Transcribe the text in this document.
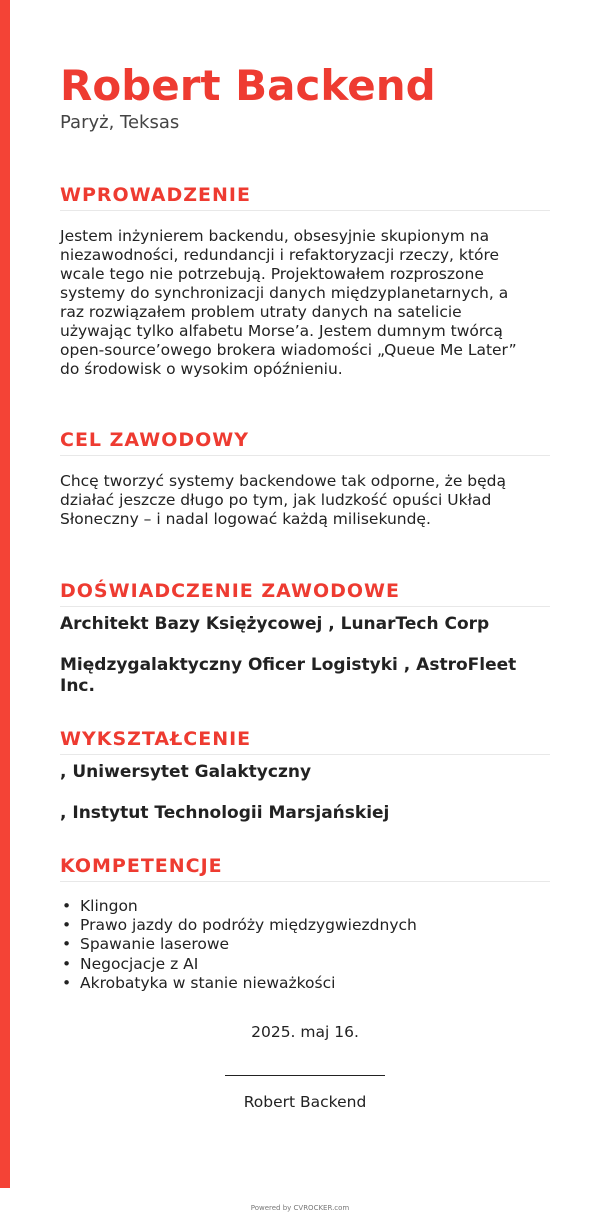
Robert Backend
Paryż, Teksas
WPROWADZENIE
Jestem inżynierem backendu, obsesyjnie skupionym na niezawodności, redundancji i refaktoryzacji rzeczy, które wcale tego nie potrzebują. Projektowałem rozproszone systemy do synchronizacji danych międzyplanetarnych, a raz rozwiązałem problem utraty danych na satelicie używając tylko alfabetu Morse’a. Jestem dumnym twórcą open-source’owego brokera wiadomości „Queue Me Later” do środowisk o wysokim opóźnieniu.
CEL ZAWODOWY
Chcę tworzyć systemy backendowe tak odporne, że będą działać jeszcze długo po tym, jak ludzkość opuści Układ Słoneczny – i nadal logować każdą milisekundę.
DOŚWIADCZENIE ZAWODOWE
Architekt Bazy Księżycowej , LunarTech Corp
Międzygalaktyczny Oficer Logistyki , AstroFleet Inc.
WYKSZTAŁCENIE
, Uniwersytet Galaktyczny
, Instytut Technologii Marsjańskiej
KOMPETENCJE
• Klingon
• Prawo jazdy do podróży międzygwiezdnych
• Spawanie laserowe
• Negocjacje z AI
• Akrobatyka w stanie nieważkości
2025. maj 16.
Robert Backend
Powered by CVROCKER.com
